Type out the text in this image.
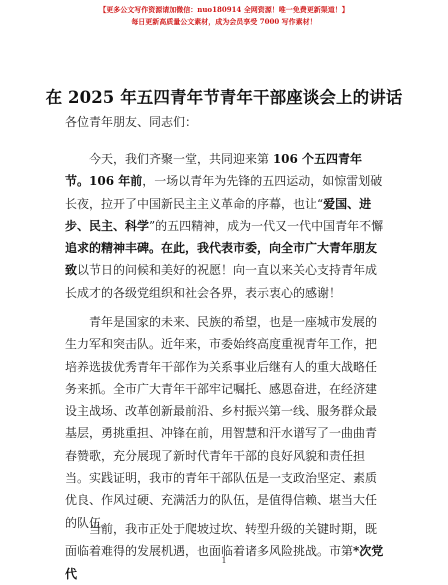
【更多公文写作资源请加微信：nuo180914 全网资源！唯一免费更新渠道！】
每日更新高质量公文素材，成为会员享受 7000 写作素材！
在 2025 年五四青年节青年干部座谈会上的讲话
各位青年朋友、同志们：

今天，我们齐聚一堂，共同迎来第 106 个五四青年节。106 年前，一场以青年为先锋的五四运动，如惊雷划破长夜，拉开了中国新民主主义革命的序幕，也让“爱国、进步、民主、科学”的五四精神，成为一代又一代中国青年不懈追求的精神丰碑。在此，我代表市委，向全市广大青年朋友致以节日的问候和美好的祝愿！向一直以来关心支持青年成长成才的各级党组织和社会各界，表示衷心的感谢！

青年是国家的未来、民族的希望，也是一座城市发展的生力军和突击队。近年来，市委始终高度重视青年工作，把培养选拔优秀青年干部作为关系事业后继有人的重大战略任务来抓。全市广大青年干部牢记嘱托、感恩奋进，在经济建设主战场、改革创新最前沿、乡村振兴第一线、服务群众最基层，勇挑重担、冲锋在前，用智慧和汗水谱写了一曲曲青春赞歌，充分展现了新时代青年干部的良好风貌和责任担当。实践证明，我市的青年干部队伍是一支政治坚定、素质优良、作风过硬、充满活力的队伍，是值得信赖、堪当大任的队伍。

当前，我市正处于爬坡过坎、转型升级的关键时期，既面临着难得的发展机遇，也面临着诸多风险挑战。市第*次党代

1
